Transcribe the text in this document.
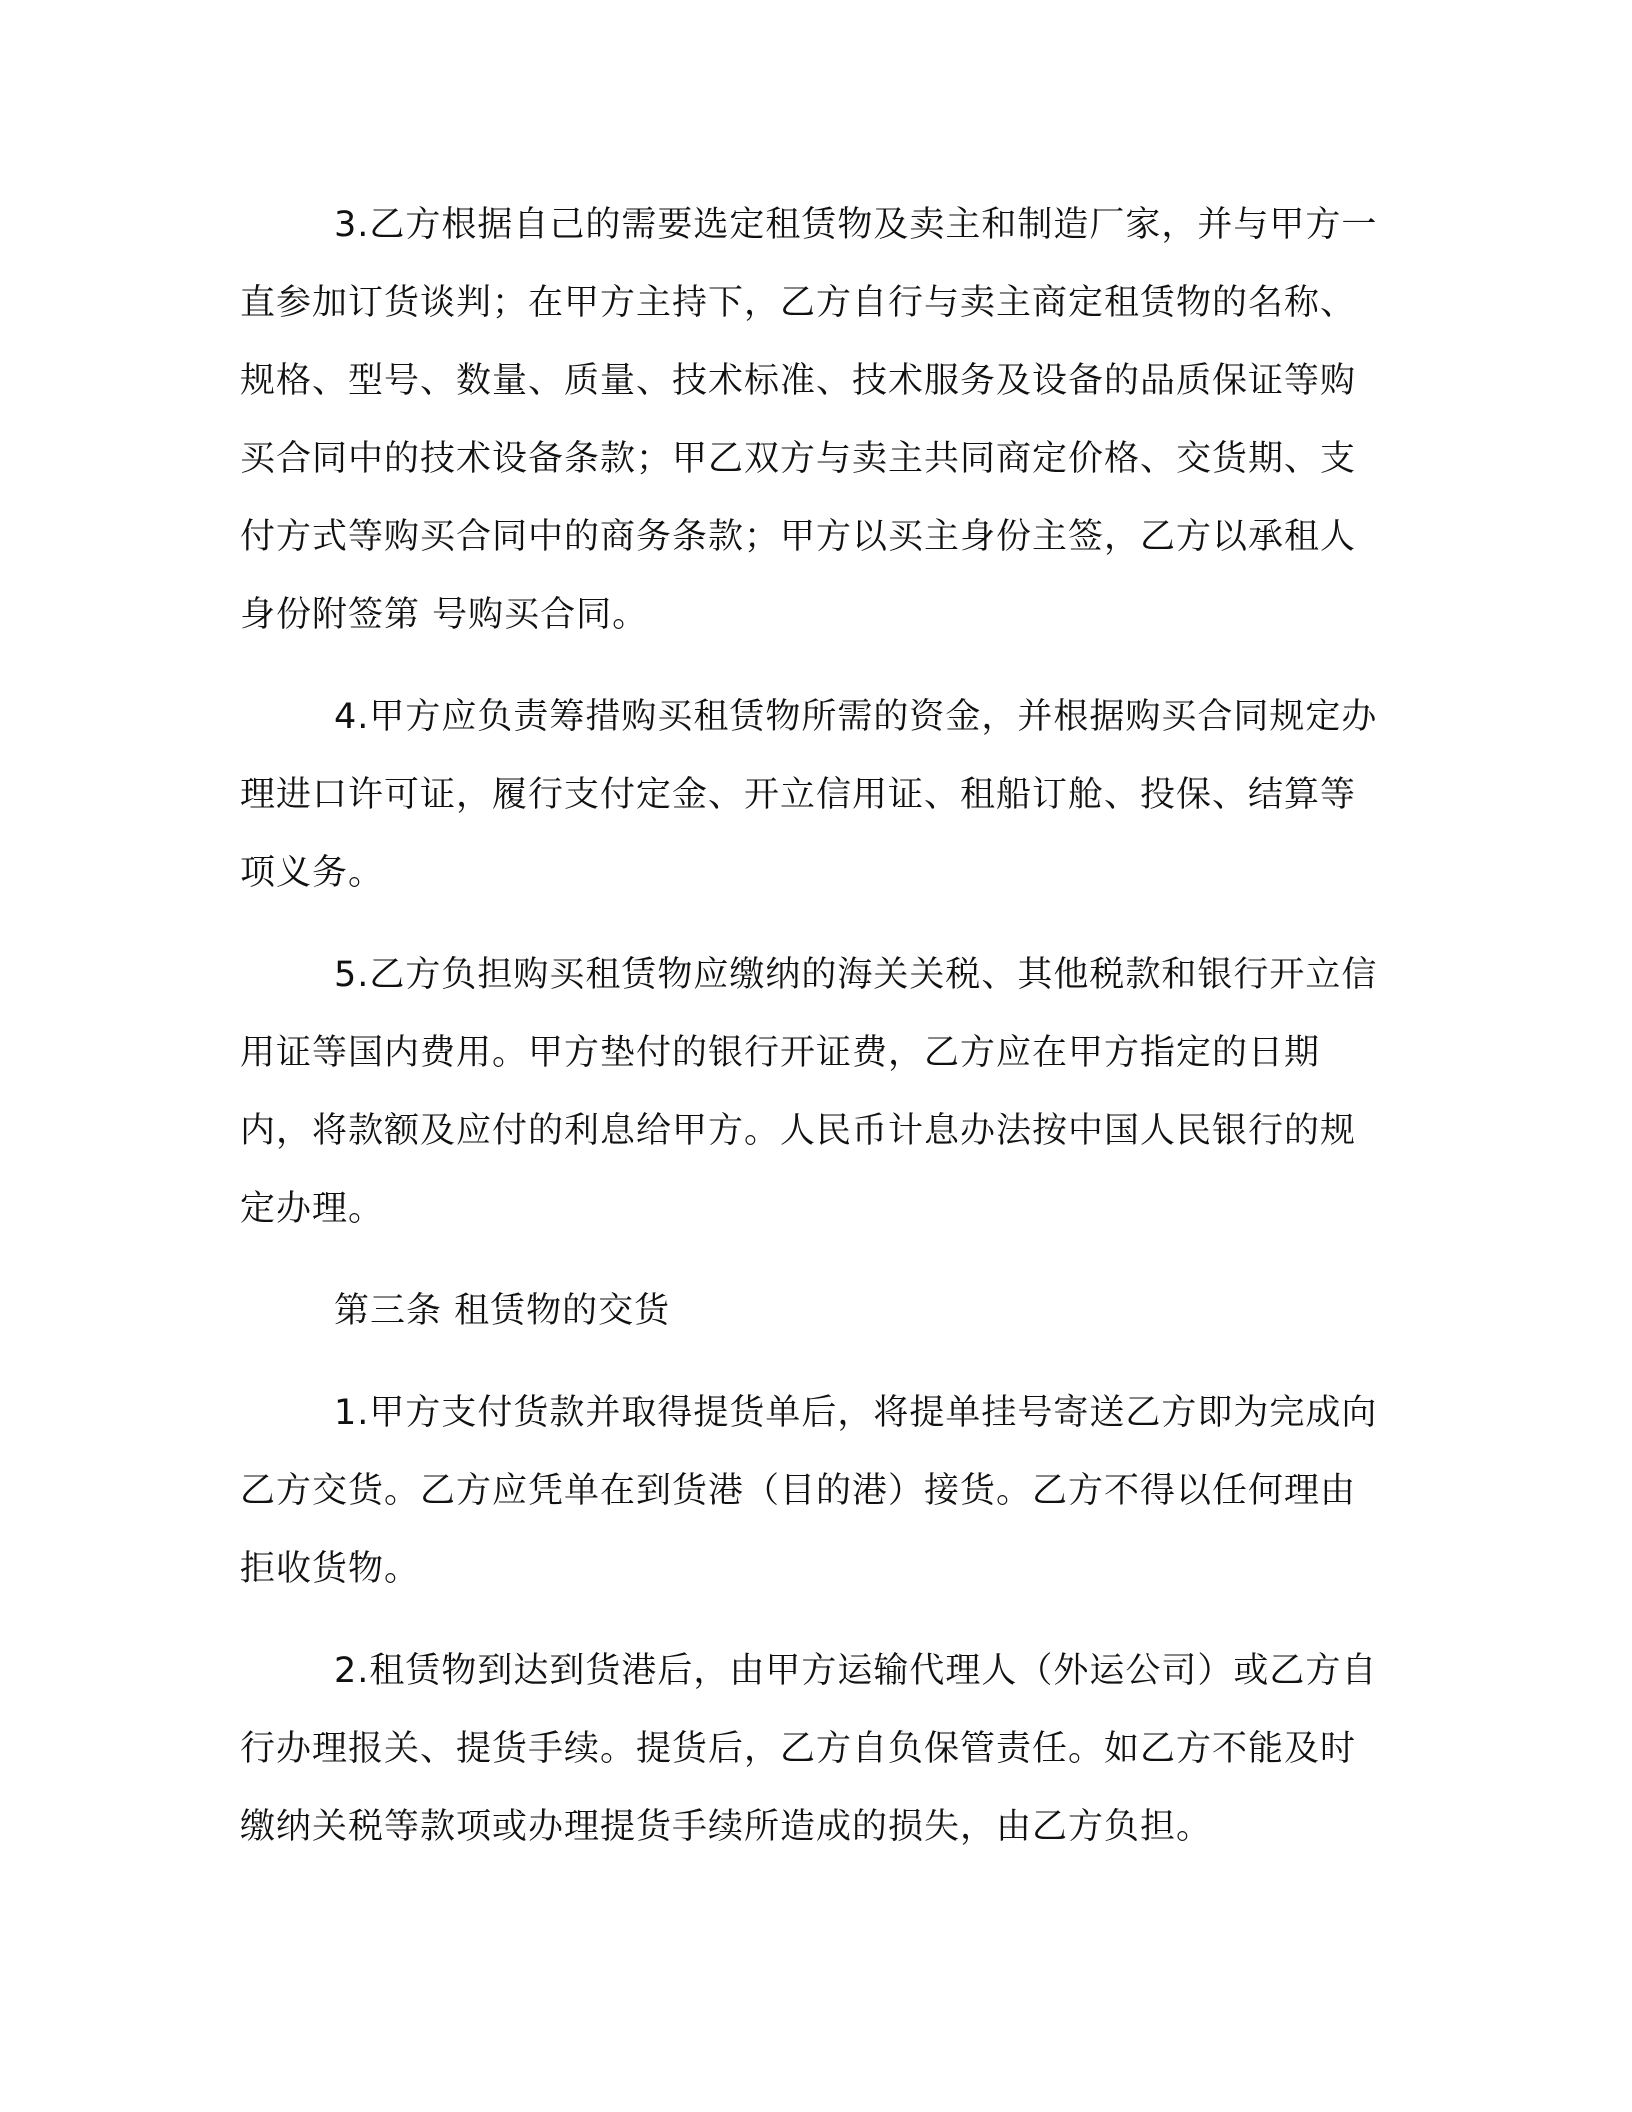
3.乙方根据自己的需要选定租赁物及卖主和制造厂家，并与甲方一直参加订货谈判；在甲方主持下，乙方自行与卖主商定租赁物的名称、规格、型号、数量、质量、技术标准、技术服务及设备的品质保证等购买合同中的技术设备条款；甲乙双方与卖主共同商定价格、交货期、支付方式等购买合同中的商务条款；甲方以买主身份主签，乙方以承租人身份附签第 号购买合同。

4.甲方应负责筹措购买租赁物所需的资金，并根据购买合同规定办理进口许可证，履行支付定金、开立信用证、租船订舱、投保、结算等项义务。

5.乙方负担购买租赁物应缴纳的海关关税、其他税款和银行开立信用证等国内费用。甲方垫付的银行开证费，乙方应在甲方指定的日期内，将款额及应付的利息给甲方。人民币计息办法按中国人民银行的规定办理。

第三条 租赁物的交货

1.甲方支付货款并取得提货单后，将提单挂号寄送乙方即为完成向乙方交货。乙方应凭单在到货港（目的港）接货。乙方不得以任何理由拒收货物。

2.租赁物到达到货港后，由甲方运输代理人（外运公司）或乙方自行办理报关、提货手续。提货后，乙方自负保管责任。如乙方不能及时缴纳关税等款项或办理提货手续所造成的损失，由乙方负担。
